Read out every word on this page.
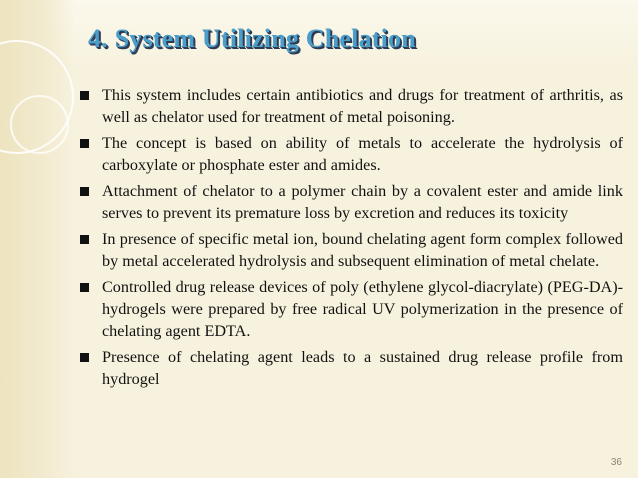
4. System Utilizing Chelation
This system includes certain antibiotics and drugs for treatment of arthritis, as well as chelator used for treatment of metal poisoning.
The concept is based on ability of metals to accelerate the hydrolysis of carboxylate or phosphate ester and amides.
Attachment of chelator to a polymer chain by a covalent ester and amide link serves to prevent its premature loss by excretion and reduces its toxicity
In presence of specific metal ion, bound chelating agent form complex followed by metal accelerated hydrolysis and subsequent elimination of metal chelate.
Controlled drug release devices of poly (ethylene glycol-diacrylate) (PEG-DA)- hydrogels were prepared by free radical UV polymerization in the presence of chelating agent EDTA.
Presence of chelating agent leads to a sustained drug release profile from hydrogel
36
